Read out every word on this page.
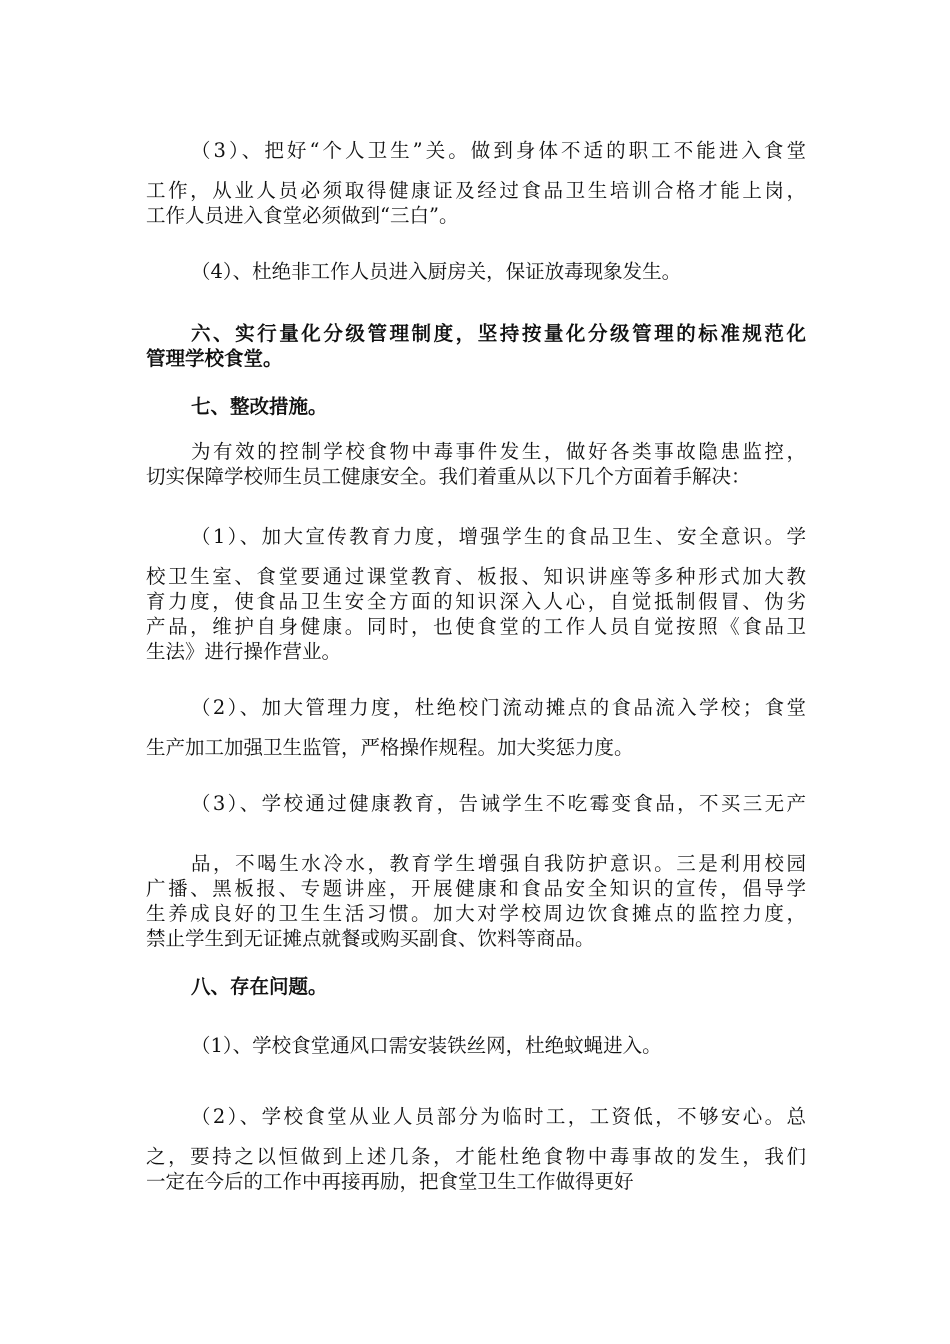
（3）、把好“个人卫生”关。做到身体不适的职工不能进入食堂
工作，从业人员必须取得健康证及经过食品卫生培训合格才能上岗，
工作人员进入食堂必须做到“三白”。
（4）、杜绝非工作人员进入厨房关，保证放毒现象发生。
六、实行量化分级管理制度，坚持按量化分级管理的标准规范化
管理学校食堂。
七、整改措施。
为有效的控制学校食物中毒事件发生，做好各类事故隐患监控，
切实保障学校师生员工健康安全。我们着重从以下几个方面着手解决：
（1）、加大宣传教育力度，增强学生的食品卫生、安全意识。学
校卫生室、食堂要通过课堂教育、板报、知识讲座等多种形式加大教
育力度，使食品卫生安全方面的知识深入人心，自觉抵制假冒、伪劣
产品，维护自身健康。同时，也使食堂的工作人员自觉按照《食品卫
生法》进行操作营业。
（2）、加大管理力度，杜绝校门流动摊点的食品流入学校；食堂
生产加工加强卫生监管，严格操作规程。加大奖惩力度。
（3）、学校通过健康教育，告诫学生不吃霉变食品，不买三无产
品，不喝生水冷水，教育学生增强自我防护意识。三是利用校园
广播、黑板报、专题讲座，开展健康和食品安全知识的宣传，倡导学
生养成良好的卫生生活习惯。加大对学校周边饮食摊点的监控力度，
禁止学生到无证摊点就餐或购买副食、饮料等商品。
八、存在问题。
（1）、学校食堂通风口需安装铁丝网，杜绝蚊蝇进入。
（2）、学校食堂从业人员部分为临时工，工资低，不够安心。总
之，要持之以恒做到上述几条，才能杜绝食物中毒事故的发生，我们
一定在今后的工作中再接再励，把食堂卫生工作做得更好
